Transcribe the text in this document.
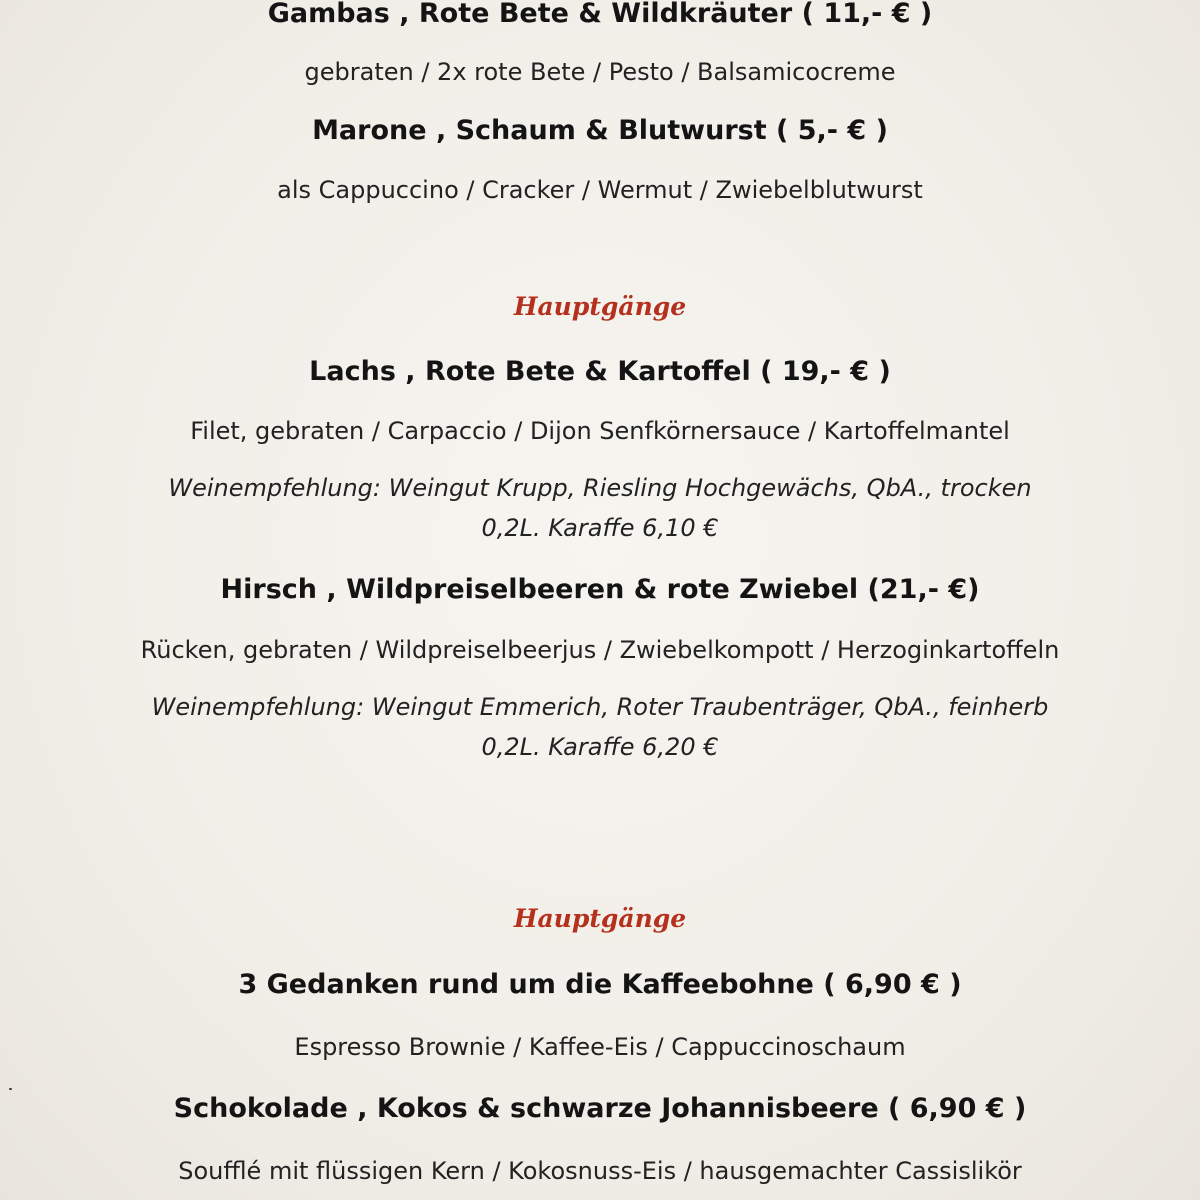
Gambas , Rote Bete & Wildkräuter ( 11,- € )
gebraten / 2x rote Bete / Pesto / Balsamicocreme
Marone , Schaum & Blutwurst ( 5,- € )
als Cappuccino / Cracker / Wermut / Zwiebelblutwurst
Hauptgänge
Lachs , Rote Bete & Kartoffel ( 19,- € )
Filet, gebraten / Carpaccio / Dijon Senfkörnersauce / Kartoffelmantel
Weinempfehlung: Weingut Krupp, Riesling Hochgewächs, QbA., trocken
0,2L. Karaffe 6,10 €
Hirsch , Wildpreiselbeeren & rote Zwiebel (21,- €)
Rücken, gebraten / Wildpreiselbeerjus / Zwiebelkompott / Herzoginkartoffeln
Weinempfehlung: Weingut Emmerich, Roter Traubenträger, QbA., feinherb
0,2L. Karaffe 6,20 €
Hauptgänge
3 Gedanken rund um die Kaffeebohne ( 6,90 € )
Espresso Brownie / Kaffee-Eis / Cappuccinoschaum
Schokolade , Kokos & schwarze Johannisbeere ( 6,90 € )
Soufflé mit flüssigen Kern / Kokosnuss-Eis / hausgemachter Cassislikör
